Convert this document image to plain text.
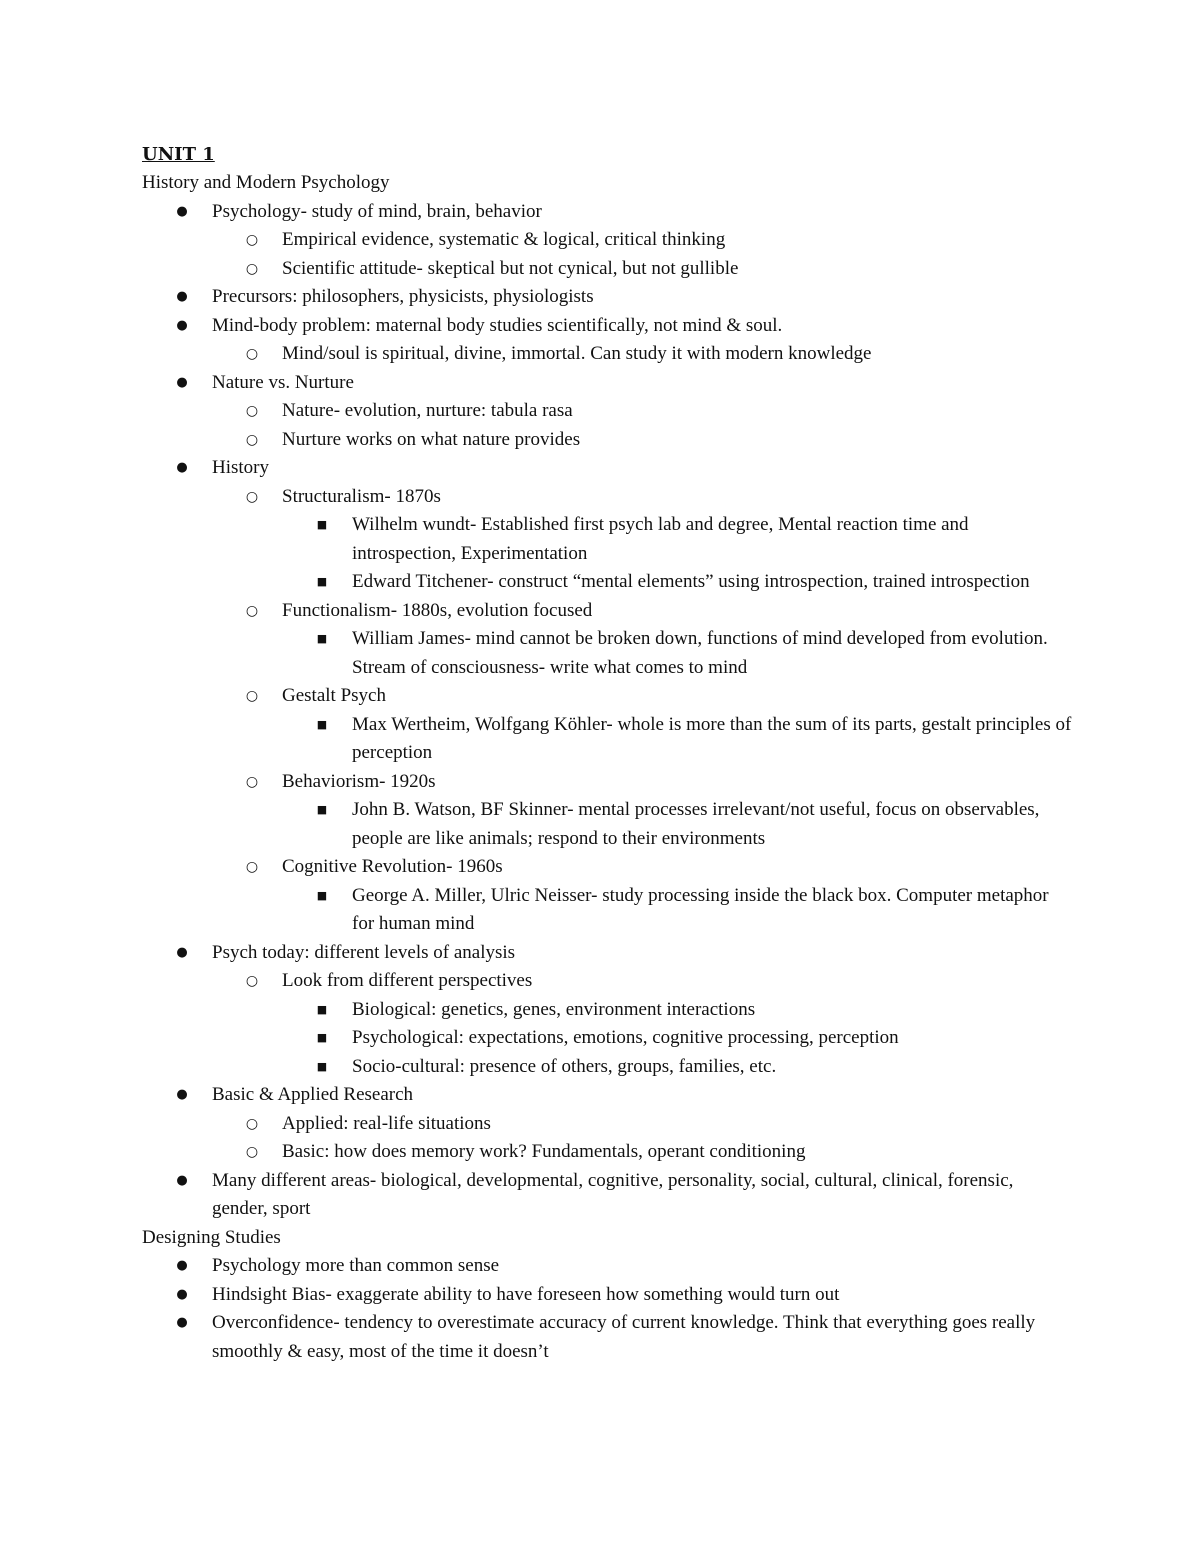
UNIT 1
History and Modern Psychology
● Psychology- study of mind, brain, behavior
○ Empirical evidence, systematic & logical, critical thinking
○ Scientific attitude- skeptical but not cynical, but not gullible
● Precursors: philosophers, physicists, physiologists
● Mind-body problem: maternal body studies scientifically, not mind & soul.
○ Mind/soul is spiritual, divine, immortal. Can study it with modern knowledge
● Nature vs. Nurture
○ Nature- evolution, nurture: tabula rasa
○ Nurture works on what nature provides
● History
○ Structuralism- 1870s
■ Wilhelm wundt- Established first psych lab and degree, Mental reaction time and introspection, Experimentation
■ Edward Titchener- construct “mental elements” using introspection, trained introspection
○ Functionalism- 1880s, evolution focused
■ William James- mind cannot be broken down, functions of mind developed from evolution. Stream of consciousness- write what comes to mind
○ Gestalt Psych
■ Max Wertheim, Wolfgang Köhler- whole is more than the sum of its parts, gestalt principles of perception
○ Behaviorism- 1920s
■ John B. Watson, BF Skinner- mental processes irrelevant/not useful, focus on observables, people are like animals; respond to their environments
○ Cognitive Revolution- 1960s
■ George A. Miller, Ulric Neisser- study processing inside the black box. Computer metaphor for human mind
● Psych today: different levels of analysis
○ Look from different perspectives
■ Biological: genetics, genes, environment interactions
■ Psychological: expectations, emotions, cognitive processing, perception
■ Socio-cultural: presence of others, groups, families, etc.
● Basic & Applied Research
○ Applied: real-life situations
○ Basic: how does memory work? Fundamentals, operant conditioning
● Many different areas- biological, developmental, cognitive, personality, social, cultural, clinical, forensic, gender, sport
Designing Studies
● Psychology more than common sense
● Hindsight Bias- exaggerate ability to have foreseen how something would turn out
● Overconfidence- tendency to overestimate accuracy of current knowledge. Think that everything goes really smoothly & easy, most of the time it doesn’t
